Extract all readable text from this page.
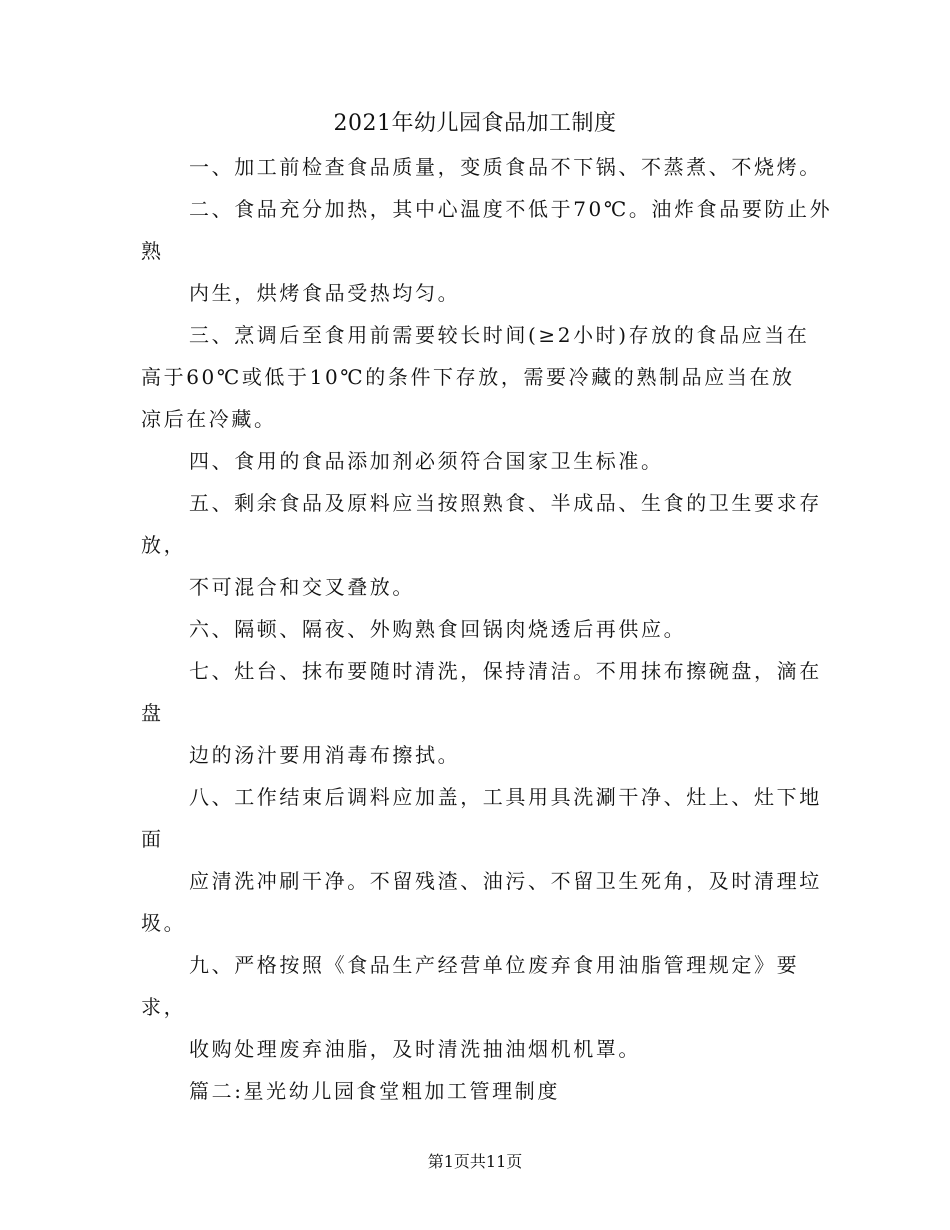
2021年幼儿园食品加工制度
一、加工前检查食品质量，变质食品不下锅、不蒸煮、不烧烤。
二、食品充分加热，其中心温度不低于70℃。油炸食品要防止外
熟
内生，烘烤食品受热均匀。
三、烹调后至食用前需要较长时间(≥2小时)存放的食品应当在
高于60℃或低于10℃的条件下存放，需要冷藏的熟制品应当在放
凉后在冷藏。
四、食用的食品添加剂必须符合国家卫生标准。
五、剩余食品及原料应当按照熟食、半成品、生食的卫生要求存
放，
不可混合和交叉叠放。
六、隔顿、隔夜、外购熟食回锅肉烧透后再供应。
七、灶台、抹布要随时清洗，保持清洁。不用抹布擦碗盘，滴在
盘
边的汤汁要用消毒布擦拭。
八、工作结束后调料应加盖，工具用具洗涮干净、灶上、灶下地
面
应清洗冲刷干净。不留残渣、油污、不留卫生死角，及时清理垃
圾。
九、严格按照《食品生产经营单位废弃食用油脂管理规定》要
求，
收购处理废弃油脂，及时清洗抽油烟机机罩。
篇二:星光幼儿园食堂粗加工管理制度
第1页共11页
